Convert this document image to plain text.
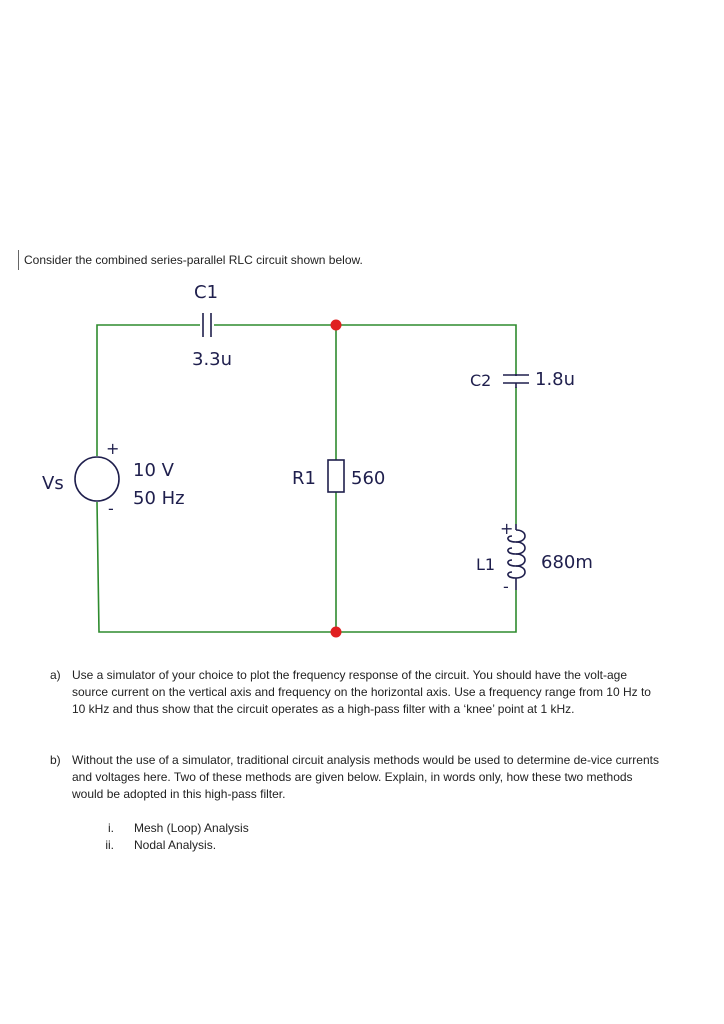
Consider the combined series-parallel RLC circuit shown below.
C1
3.3u
C2 1.8u
+
-
Vs
10 V
50 Hz
R1 560
+
-
L1	680m
a) Use a simulator of your choice to plot the frequency response of the circuit. You should have the volt-age source current on the vertical axis and frequency on the horizontal axis. Use a frequency range from 10 Hz to 10 kHz and thus show that the circuit operates as a high-pass filter with a ‘knee’ point at 1 kHz.
b) Without the use of a simulator, traditional circuit analysis methods would be used to determine de-vice currents and voltages here. Two of these methods are given below. Explain, in words only, how these two methods would be adopted in this high-pass filter.
i. Mesh (Loop) Analysis
ii. Nodal Analysis.
